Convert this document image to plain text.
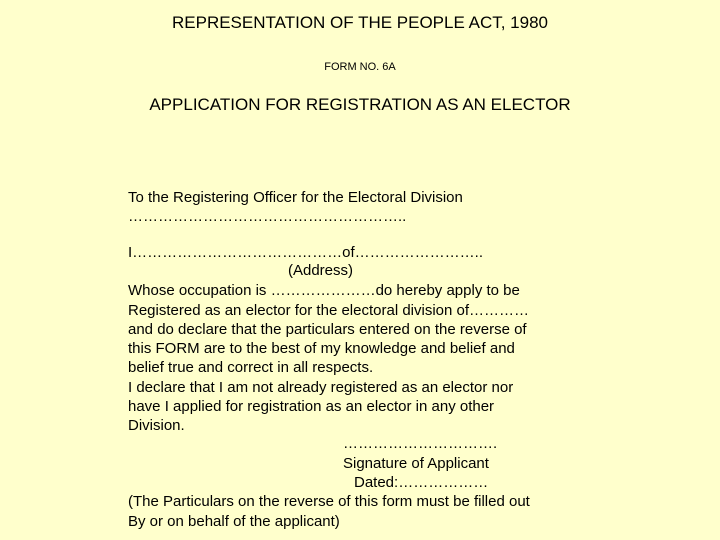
REPRESENTATION OF THE PEOPLE ACT, 1980
FORM NO. 6A
APPLICATION FOR REGISTRATION AS AN ELECTOR
To the Registering Officer for the Electoral Division
………………………………………………..
I……………………………………of……………………..
(Address)
Whose occupation is …………………do hereby apply to be
Registered as an elector for the electoral division of…………
and do declare that the particulars entered on the reverse of
this FORM are to the best of my knowledge and belief and
belief true and correct in all respects.
I declare that I am not already registered as an elector nor
have I applied for registration as an elector in any other
Division.
………………………….
Signature of Applicant
Dated:………………
(The Particulars on the reverse of this form must be filled out
By or on behalf of the applicant)
